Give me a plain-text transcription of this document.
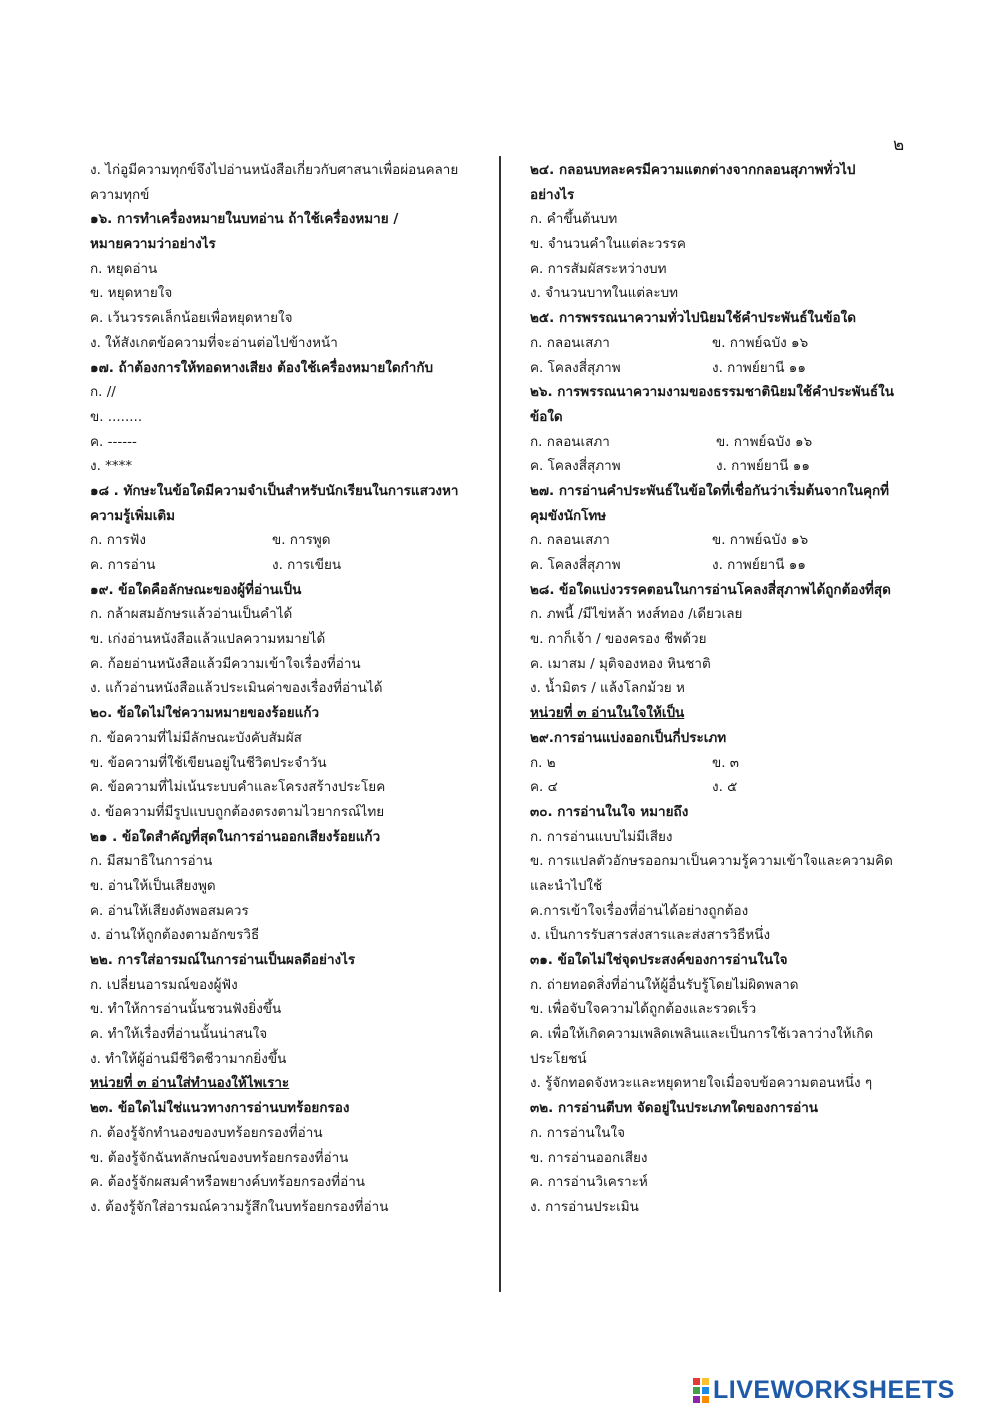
๒
ง. ไก่อูมีความทุกข์จึงไปอ่านหนังสือเกี่ยวกับศาสนาเพื่อผ่อนคลาย
ความทุกข์
๑๖. การทำเครื่องหมายในบทอ่าน ถ้าใช้เครื่องหมาย /
หมายความว่าอย่างไร
ก. หยุดอ่าน
ข. หยุดหายใจ
ค. เว้นวรรคเล็กน้อยเพื่อหยุดหายใจ
ง. ให้สังเกตข้อความที่จะอ่านต่อไปข้างหน้า
๑๗. ถ้าต้องการให้ทอดหางเสียง ต้องใช้เครื่องหมายใดกำกับ
ก. //
ข. ........
ค. ------
ง. ****
๑๘ . ทักษะในข้อใดมีความจำเป็นสำหรับนักเรียนในการแสวงหา
ความรู้เพิ่มเติม
ก. การฟัง	ข. การพูด
ค. การอ่าน	ง. การเขียน
๑๙. ข้อใดคือลักษณะของผู้ที่อ่านเป็น
ก. กล้าผสมอักษรแล้วอ่านเป็นคำได้
ข. เก่งอ่านหนังสือแล้วแปลความหมายได้
ค. ก้อยอ่านหนังสือแล้วมีความเข้าใจเรื่องที่อ่าน
ง. แก้วอ่านหนังสือแล้วประเมินค่าของเรื่องที่อ่านได้
๒๐. ข้อใดไม่ใช่ความหมายของร้อยแก้ว
ก. ข้อความที่ไม่มีลักษณะบังคับสัมผัส
ข. ข้อความที่ใช้เขียนอยู่ในชีวิตประจำวัน
ค. ข้อความที่ไม่เน้นระบบคำและโครงสร้างประโยค
ง. ข้อความที่มีรูปแบบถูกต้องตรงตามไวยากรณ์ไทย
๒๑ . ข้อใดสำคัญที่สุดในการอ่านออกเสียงร้อยแก้ว
ก. มีสมาธิในการอ่าน
ข. อ่านให้เป็นเสียงพูด
ค. อ่านให้เสียงดังพอสมควร
ง. อ่านให้ถูกต้องตามอักขรวิธี
๒๒. การใส่อารมณ์ในการอ่านเป็นผลดีอย่างไร
ก. เปลี่ยนอารมณ์ของผู้ฟัง
ข. ทำให้การอ่านนั้นชวนฟังยิ่งขึ้น
ค. ทำให้เรื่องที่อ่านนั้นน่าสนใจ
ง. ทำให้ผู้อ่านมีชีวิตชีวามากยิ่งขึ้น
หน่วยที่ ๓ อ่านใส่ทำนองให้ไพเราะ
๒๓. ข้อใดไม่ใช่แนวทางการอ่านบทร้อยกรอง
ก. ต้องรู้จักทำนองของบทร้อยกรองที่อ่าน
ข. ต้องรู้จักฉันทลักษณ์ของบทร้อยกรองที่อ่าน
ค. ต้องรู้จักผสมคำหรือพยางค์บทร้อยกรองที่อ่าน
ง. ต้องรู้จักใส่อารมณ์ความรู้สึกในบทร้อยกรองที่อ่าน
๒๔. กลอนบทละครมีความแตกต่างจากกลอนสุภาพทั่วไป
อย่างไร
ก. คำขึ้นต้นบท
ข. จำนวนคำในแต่ละวรรค
ค. การสัมผัสระหว่างบท
ง. จำนวนบาทในแต่ละบท
๒๕. การพรรณนาความทั่วไปนิยมใช้คำประพันธ์ในข้อใด
ก. กลอนเสภา	ข. กาพย์ฉบัง ๑๖
ค. โคลงสี่สุภาพ	ง. กาพย์ยานี ๑๑
๒๖. การพรรณนาความงามของธรรมชาตินิยมใช้คำประพันธ์ใน
ข้อใด
ก. กลอนเสภา	ข. กาพย์ฉบัง ๑๖
ค. โคลงสี่สุภาพ	ง. กาพย์ยานี ๑๑
๒๗. การอ่านคำประพันธ์ในข้อใดที่เชื่อกันว่าเริ่มต้นจากในคุกที่
คุมขังนักโทษ
ก. กลอนเสภา	ข. กาพย์ฉบัง ๑๖
ค. โคลงสี่สุภาพ	ง. กาพย์ยานี ๑๑
๒๘. ข้อใดแบ่งวรรคตอนในการอ่านโคลงสี่สุภาพได้ถูกต้องที่สุด
ก. ภพนี้ /มีไข่หล้า หงส์ทอง /เดียวเลย
ข. กาก็เจ้า / ของครอง ชีพด้วย
ค. เมาสม / มุติจองหอง หินชาติ
ง. น้ำมิตร / แล้งโลกม้วย ห
หน่วยที่ ๓ อ่านในใจให้เป็น
๒๙.การอ่านแบ่งออกเป็นกี่ประเภท
ก. ๒	ข. ๓
ค. ๔	ง. ๕
๓๐. การอ่านในใจ หมายถึง
ก. การอ่านแบบไม่มีเสียง
ข. การแปลตัวอักษรออกมาเป็นความรู้ความเข้าใจและความคิด
และนำไปใช้
ค.การเข้าใจเรื่องที่อ่านได้อย่างถูกต้อง
ง. เป็นการรับสารส่งสารและส่งสารวิธีหนึ่ง
๓๑. ข้อใดไม่ใช่จุดประสงค์ของการอ่านในใจ
ก. ถ่ายทอดสิ่งที่อ่านให้ผู้อื่นรับรู้โดยไม่ผิดพลาด
ข. เพื่อจับใจความได้ถูกต้องและรวดเร็ว
ค. เพื่อให้เกิดความเพลิดเพลินและเป็นการใช้เวลาว่างให้เกิด
ประโยชน์
ง. รู้จักทอดจังหวะและหยุดหายใจเมื่อจบข้อความตอนหนึ่ง ๆ
๓๒. การอ่านตีบท จัดอยู่ในประเภทใดของการอ่าน
ก. การอ่านในใจ
ข. การอ่านออกเสียง
ค. การอ่านวิเคราะห์
ง. การอ่านประเมิน
LIVEWORKSHEETS
